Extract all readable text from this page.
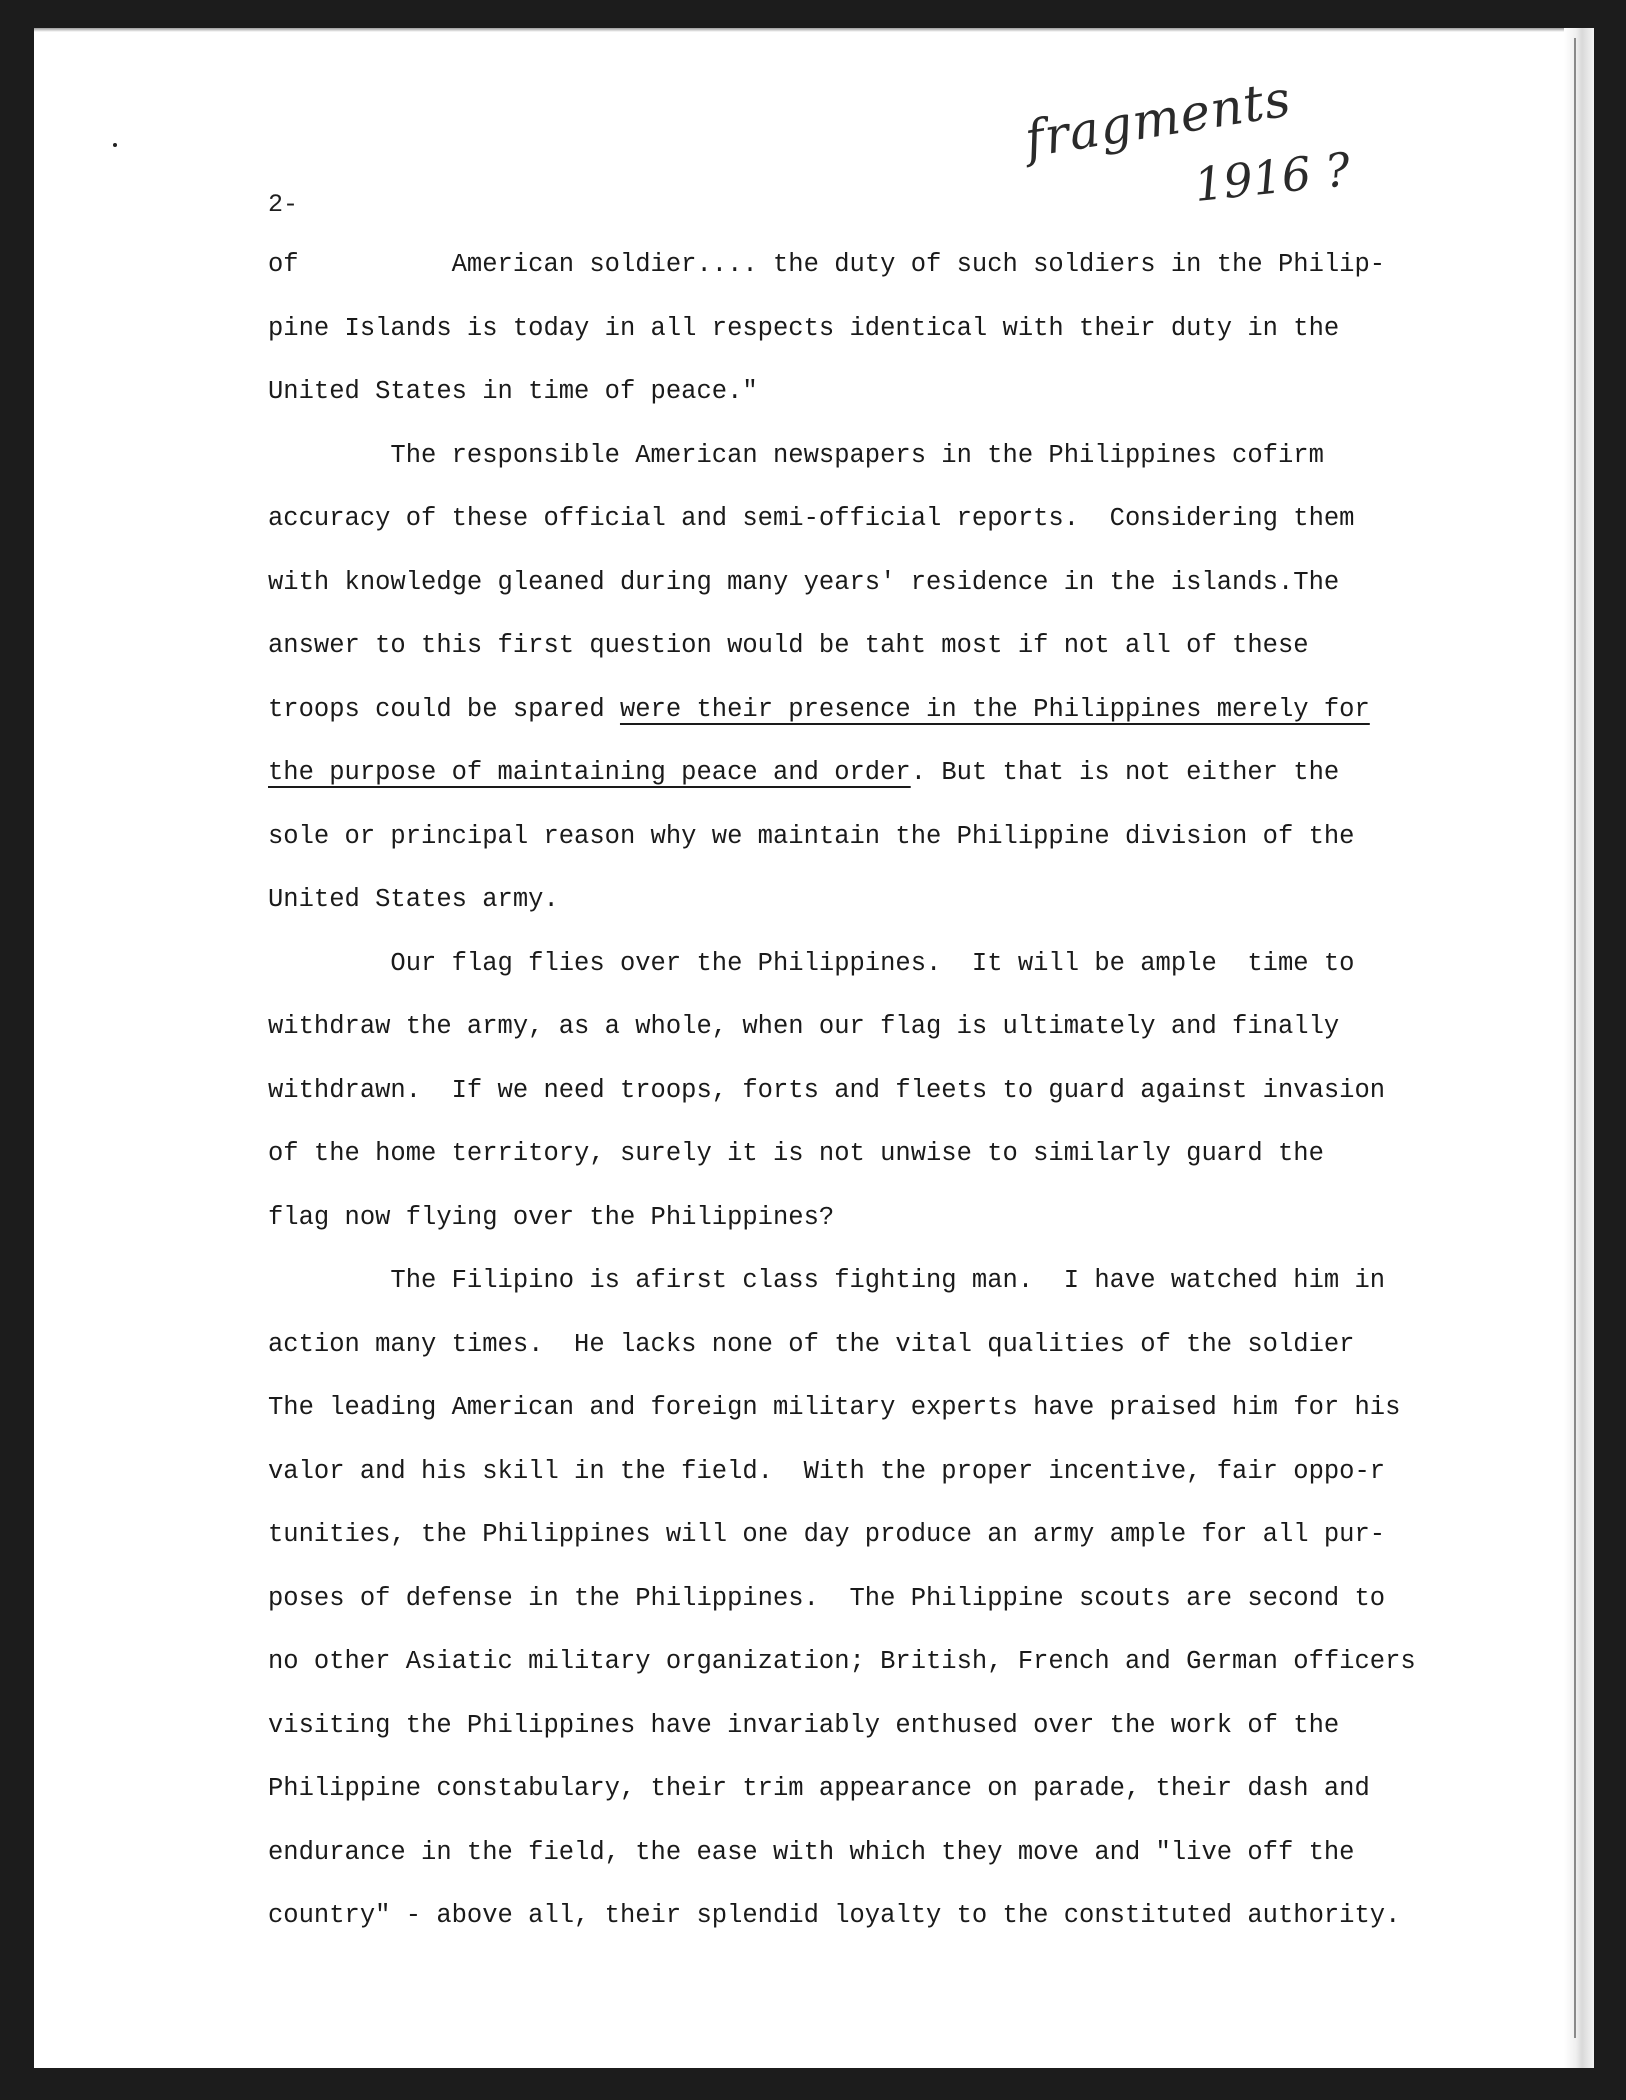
fragments
1916 ?
2-
of          American soldier.... the duty of such soldiers in the Philip-
pine Islands is today in all respects identical with their duty in the
United States in time of peace."
The responsible American newspapers in the Philippines cofirm
accuracy of these official and semi-official reports.  Considering them
with knowledge gleaned during many years' residence in the islands.The
answer to this first question would be taht most if not all of these
troops could be spared were their presence in the Philippines merely for
the purpose of maintaining peace and order. But that is not either the
sole or principal reason why we maintain the Philippine division of the
United States army.
Our flag flies over the Philippines.  It will be ample  time to
withdraw the army, as a whole, when our flag is ultimately and finally
withdrawn.  If we need troops, forts and fleets to guard against invasion
of the home territory, surely it is not unwise to similarly guard the
flag now flying over the Philippines?
The Filipino is afirst class fighting man.  I have watched him in
action many times.  He lacks none of the vital qualities of the soldier
The leading American and foreign military experts have praised him for his
valor and his skill in the field.  With the proper incentive, fair oppo-r
tunities, the Philippines will one day produce an army ample for all pur-
poses of defense in the Philippines.  The Philippine scouts are second to
no other Asiatic military organization; British, French and German officers
visiting the Philippines have invariably enthused over the work of the
Philippine constabulary, their trim appearance on parade, their dash and
endurance in the field, the ease with which they move and "live off the
country" - above all, their splendid loyalty to the constituted authority.
